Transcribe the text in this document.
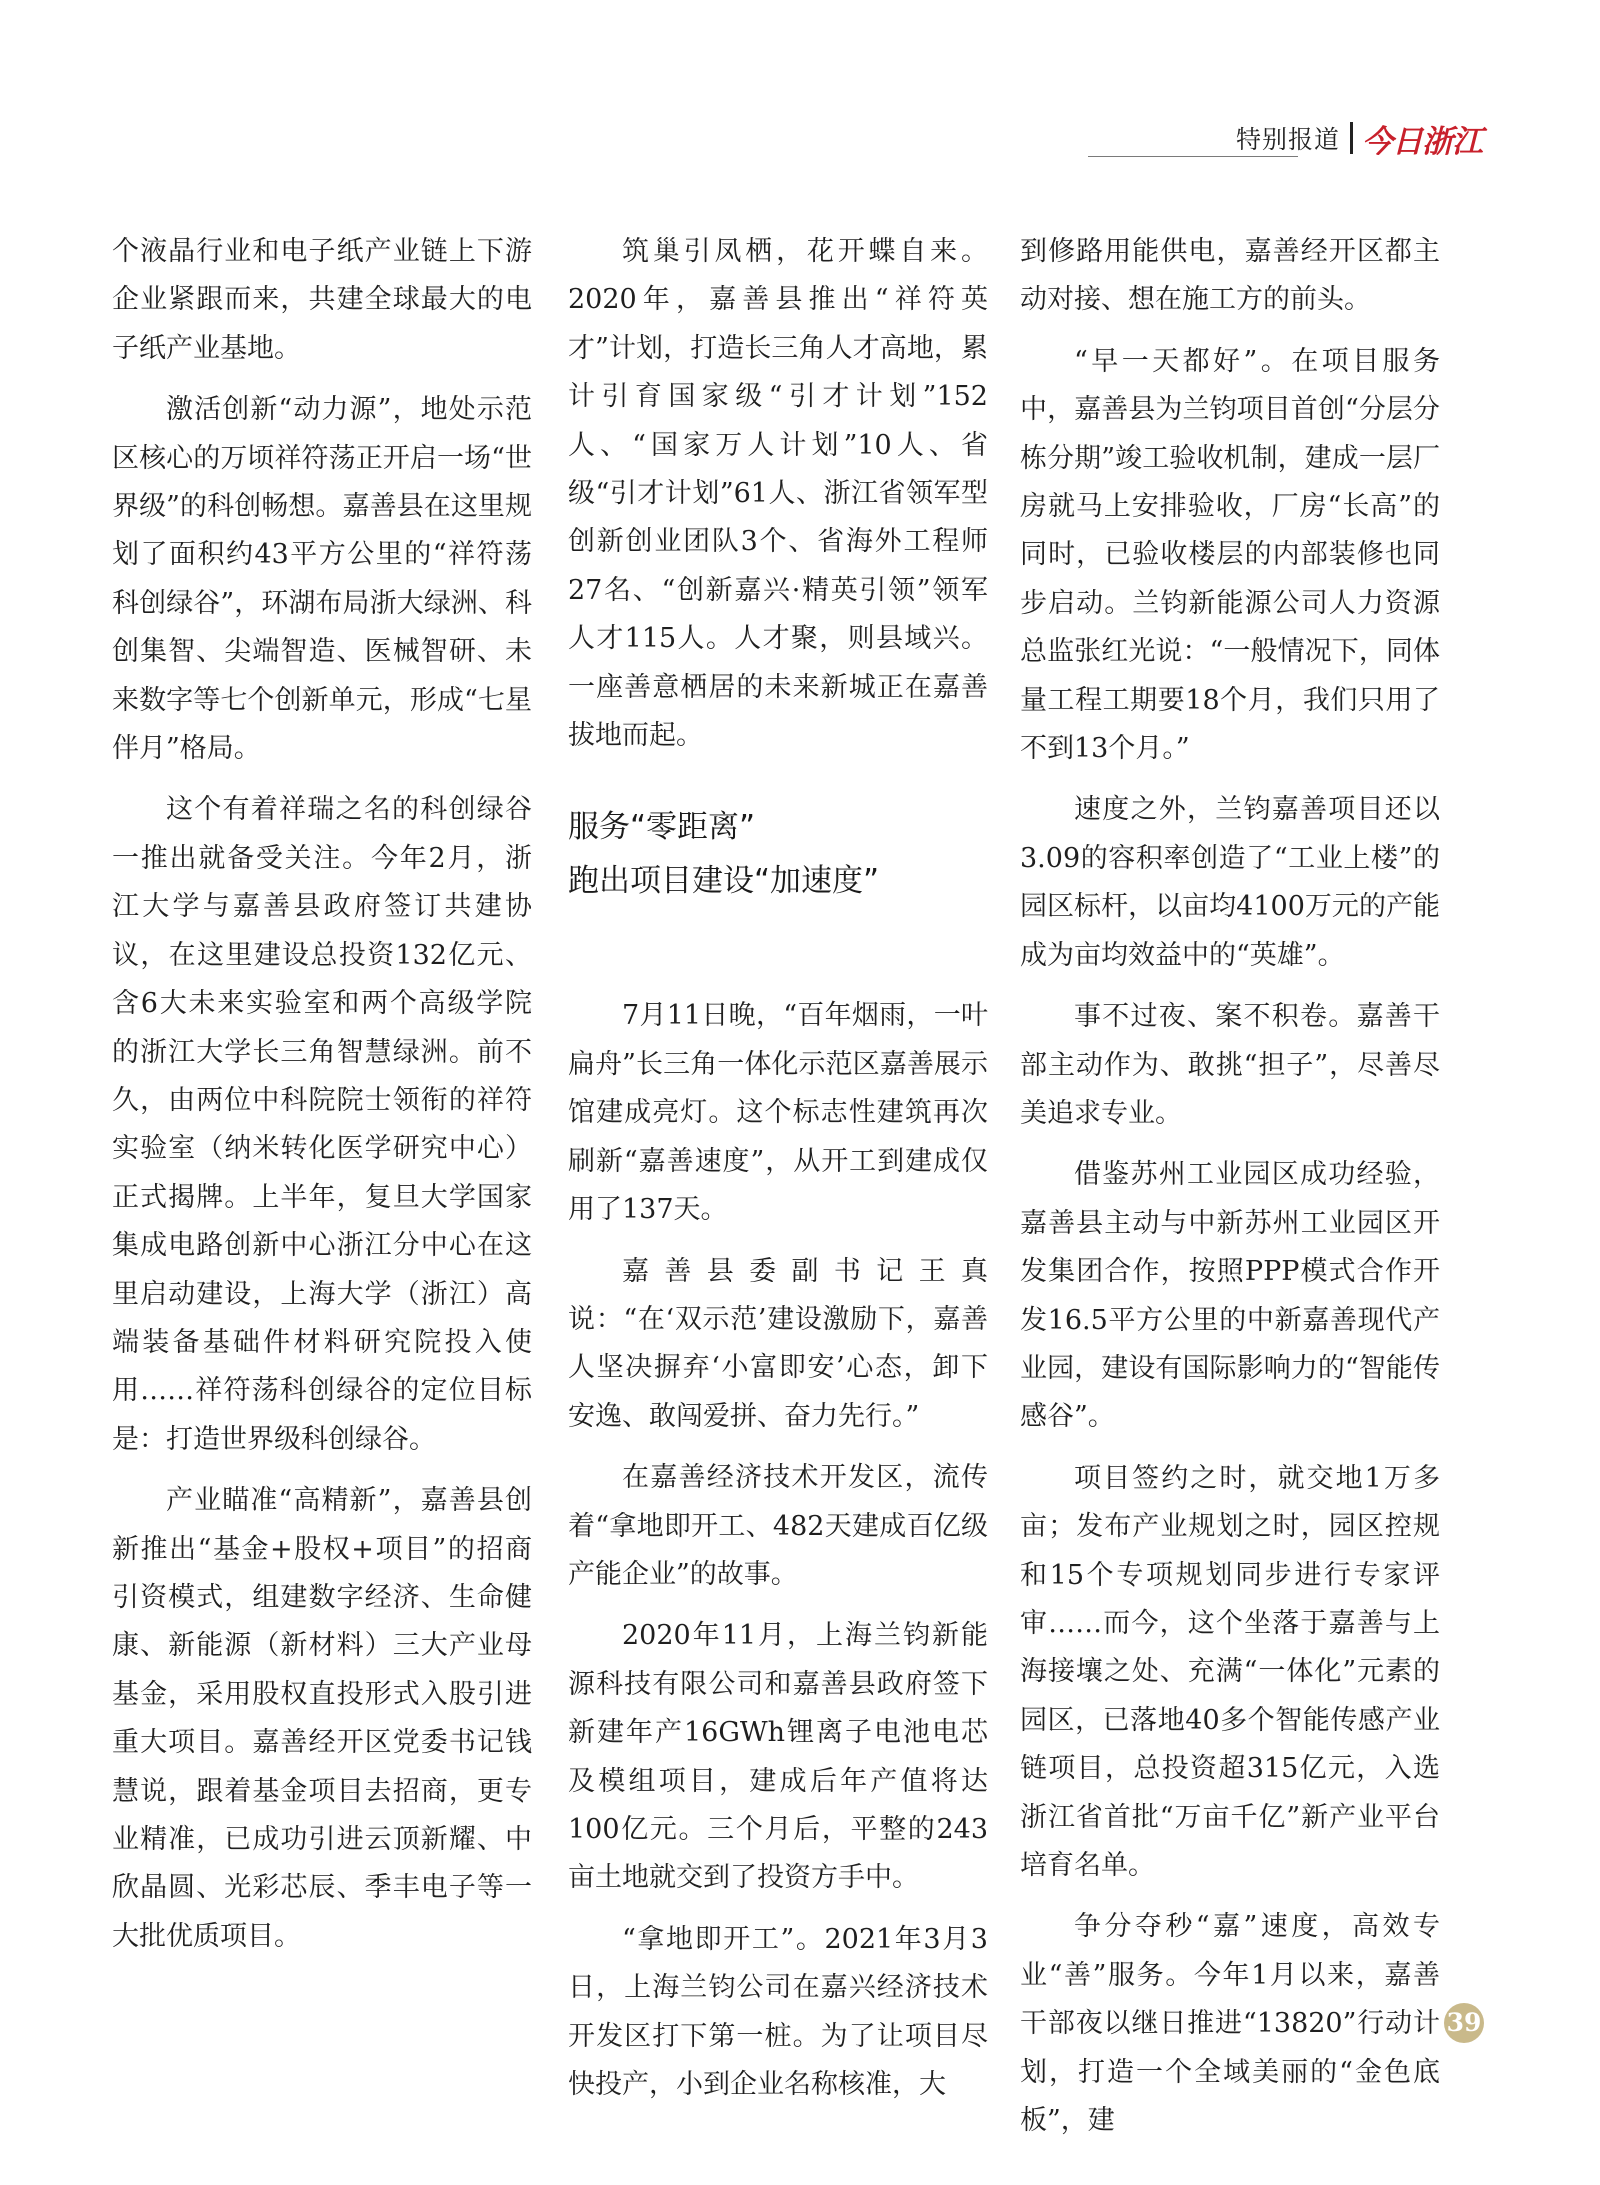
特别报道 今日浙江

个液晶行业和电子纸产业链上下游企业紧跟而来，共建全球最大的电子纸产业基地。

激活创新“动力源”，地处示范区核心的万顷祥符荡正开启一场“世界级”的科创畅想。嘉善县在这里规划了面积约43平方公里的“祥符荡科创绿谷”，环湖布局浙大绿洲、科创集智、尖端智造、医械智研、未来数字等七个创新单元，形成“七星伴月”格局。

这个有着祥瑞之名的科创绿谷一推出就备受关注。今年2月，浙江大学与嘉善县政府签订共建协议，在这里建设总投资132亿元、含6大未来实验室和两个高级学院的浙江大学长三角智慧绿洲。前不久，由两位中科院院士领衔的祥符实验室（纳米转化医学研究中心）正式揭牌。上半年，复旦大学国家集成电路创新中心浙江分中心在这里启动建设，上海大学（浙江）高端装备基础件材料研究院投入使用……祥符荡科创绿谷的定位目标是：打造世界级科创绿谷。

产业瞄准“高精新”，嘉善县创新推出“基金+股权+项目”的招商引资模式，组建数字经济、生命健康、新能源（新材料）三大产业母基金，采用股权直投形式入股引进重大项目。嘉善经开区党委书记钱慧说，跟着基金项目去招商，更专业精准，已成功引进云顶新耀、中欣晶圆、光彩芯辰、季丰电子等一大批优质项目。

筑巢引凤栖，花开蝶自来。2020年，嘉善县推出“祥符英才”计划，打造长三角人才高地，累计引育国家级“引才计划”152人、“国家万人计划”10人、省级“引才计划”61人、浙江省领军型创新创业团队3个、省海外工程师27名、“创新嘉兴·精英引领”领军人才115人。人才聚，则县域兴。一座善意栖居的未来新城正在嘉善拔地而起。

服务“零距离”
跑出项目建设“加速度”

7月11日晚，“百年烟雨，一叶扁舟”长三角一体化示范区嘉善展示馆建成亮灯。这个标志性建筑再次刷新“嘉善速度”，从开工到建成仅用了137天。

嘉善县委副书记王真说：“在‘双示范’建设激励下，嘉善人坚决摒弃‘小富即安’心态，卸下安逸、敢闯爱拼、奋力先行。”

在嘉善经济技术开发区，流传着“拿地即开工、482天建成百亿级产能企业”的故事。

2020年11月，上海兰钧新能源科技有限公司和嘉善县政府签下新建年产16GWh锂离子电池电芯及模组项目，建成后年产值将达100亿元。三个月后，平整的243亩土地就交到了投资方手中。

“拿地即开工”。2021年3月3日，上海兰钧公司在嘉兴经济技术开发区打下第一桩。为了让项目尽快投产，小到企业名称核准，大

到修路用能供电，嘉善经开区都主动对接、想在施工方的前头。

“早一天都好”。在项目服务中，嘉善县为兰钧项目首创“分层分栋分期”竣工验收机制，建成一层厂房就马上安排验收，厂房“长高”的同时，已验收楼层的内部装修也同步启动。兰钧新能源公司人力资源总监张红光说：“一般情况下，同体量工程工期要18个月，我们只用了不到13个月。”

速度之外，兰钧嘉善项目还以3.09的容积率创造了“工业上楼”的园区标杆，以亩均4100万元的产能成为亩均效益中的“英雄”。

事不过夜、案不积卷。嘉善干部主动作为、敢挑“担子”，尽善尽美追求专业。

借鉴苏州工业园区成功经验，嘉善县主动与中新苏州工业园区开发集团合作，按照PPP模式合作开发16.5平方公里的中新嘉善现代产业园，建设有国际影响力的“智能传感谷”。

项目签约之时，就交地1万多亩；发布产业规划之时，园区控规和15个专项规划同步进行专家评审……而今，这个坐落于嘉善与上海接壤之处、充满“一体化”元素的园区，已落地40多个智能传感产业链项目，总投资超315亿元，入选浙江省首批“万亩千亿”新产业平台培育名单。

争分夺秒“嘉”速度，高效专业“善”服务。今年1月以来，嘉善干部夜以继日推进“13820”行动计划，打造一个全域美丽的“金色底板”，建

39
